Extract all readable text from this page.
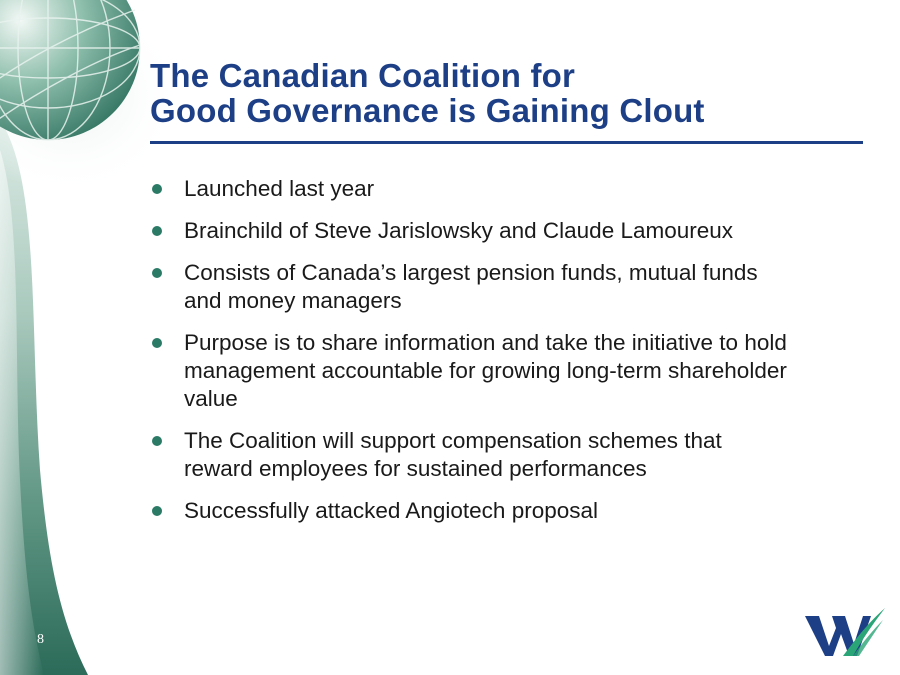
The Canadian Coalition for
Good Governance is Gaining Clout
Launched last year
Brainchild of Steve Jarislowsky and Claude Lamoureux
Consists of Canada’s largest pension funds, mutual funds
and money managers
Purpose is to share information and take the initiative to hold
management accountable for growing long-term shareholder
value
The Coalition will support compensation schemes that
reward employees for sustained performances
Successfully attacked Angiotech proposal
8
